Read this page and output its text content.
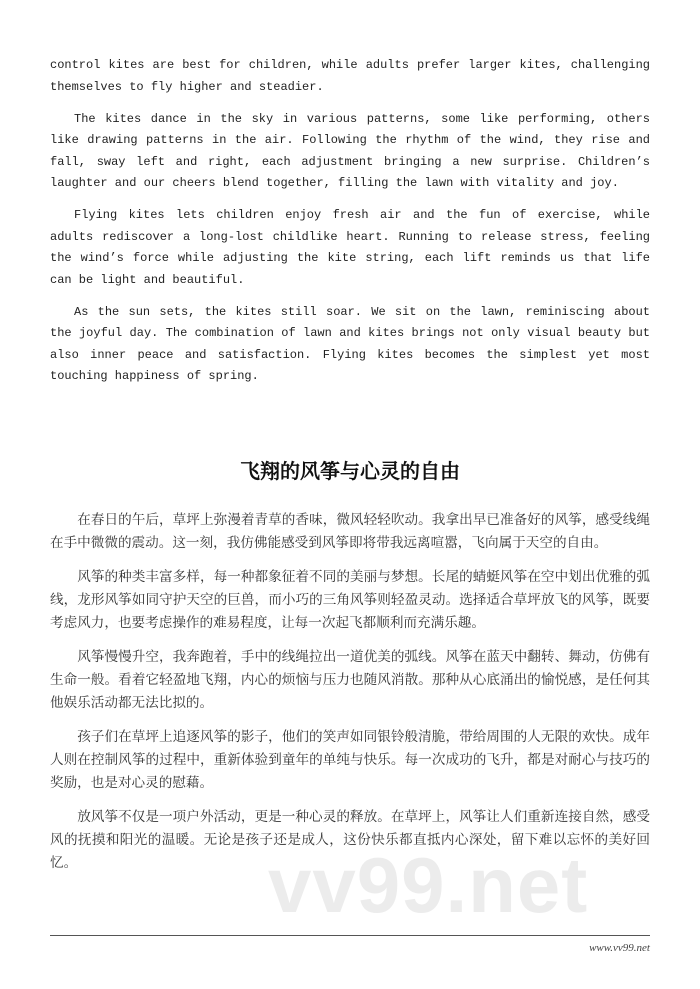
control kites are best for children, while adults prefer larger kites, challenging themselves to fly higher and steadier.

The kites dance in the sky in various patterns, some like performing, others like drawing patterns in the air. Following the rhythm of the wind, they rise and fall, sway left and right, each adjustment bringing a new surprise. Children’s laughter and our cheers blend together, filling the lawn with vitality and joy.

Flying kites lets children enjoy fresh air and the fun of exercise, while adults rediscover a long-lost childlike heart. Running to release stress, feeling the wind’s force while adjusting the kite string, each lift reminds us that life can be light and beautiful.

As the sun sets, the kites still soar. We sit on the lawn, reminiscing about the joyful day. The combination of lawn and kites brings not only visual beauty but also inner peace and satisfaction. Flying kites becomes the simplest yet most touching happiness of spring.

飞翔的风筝与心灵的自由

在春日的午后，草坪上弥漫着青草的香味，微风轻轻吹动。我拿出早已准备好的风筝，感受线绳在手中微微的震动。这一刻，我仿佛能感受到风筝即将带我远离喧嚣，飞向属于天空的自由。

风筝的种类丰富多样，每一种都象征着不同的美丽与梦想。长尾的蜻蜓风筝在空中划出优雅的弧线，龙形风筝如同守护天空的巨兽，而小巧的三角风筝则轻盈灵动。选择适合草坪放飞的风筝，既要考虑风力，也要考虑操作的难易程度，让每一次起飞都顺利而充满乐趣。

风筝慢慢升空，我奔跑着，手中的线绳拉出一道优美的弧线。风筝在蓝天中翻转、舞动，仿佛有生命一般。看着它轻盈地飞翔，内心的烦恼与压力也随风消散。那种从心底涌出的愉悦感，是任何其他娱乐活动都无法比拟的。

孩子们在草坪上追逐风筝的影子，他们的笑声如同银铃般清脆，带给周围的人无限的欢快。成年人则在控制风筝的过程中，重新体验到童年的单纯与快乐。每一次成功的飞升，都是对耐心与技巧的奖励，也是对心灵的慰藉。

放风筝不仅是一项户外活动，更是一种心灵的释放。在草坪上，风筝让人们重新连接自然，感受风的抚摸和阳光的温暖。无论是孩子还是成人，这份快乐都直抵内心深处，留下难以忘怀的美好回忆。	vv99.net
www.vv99.net
